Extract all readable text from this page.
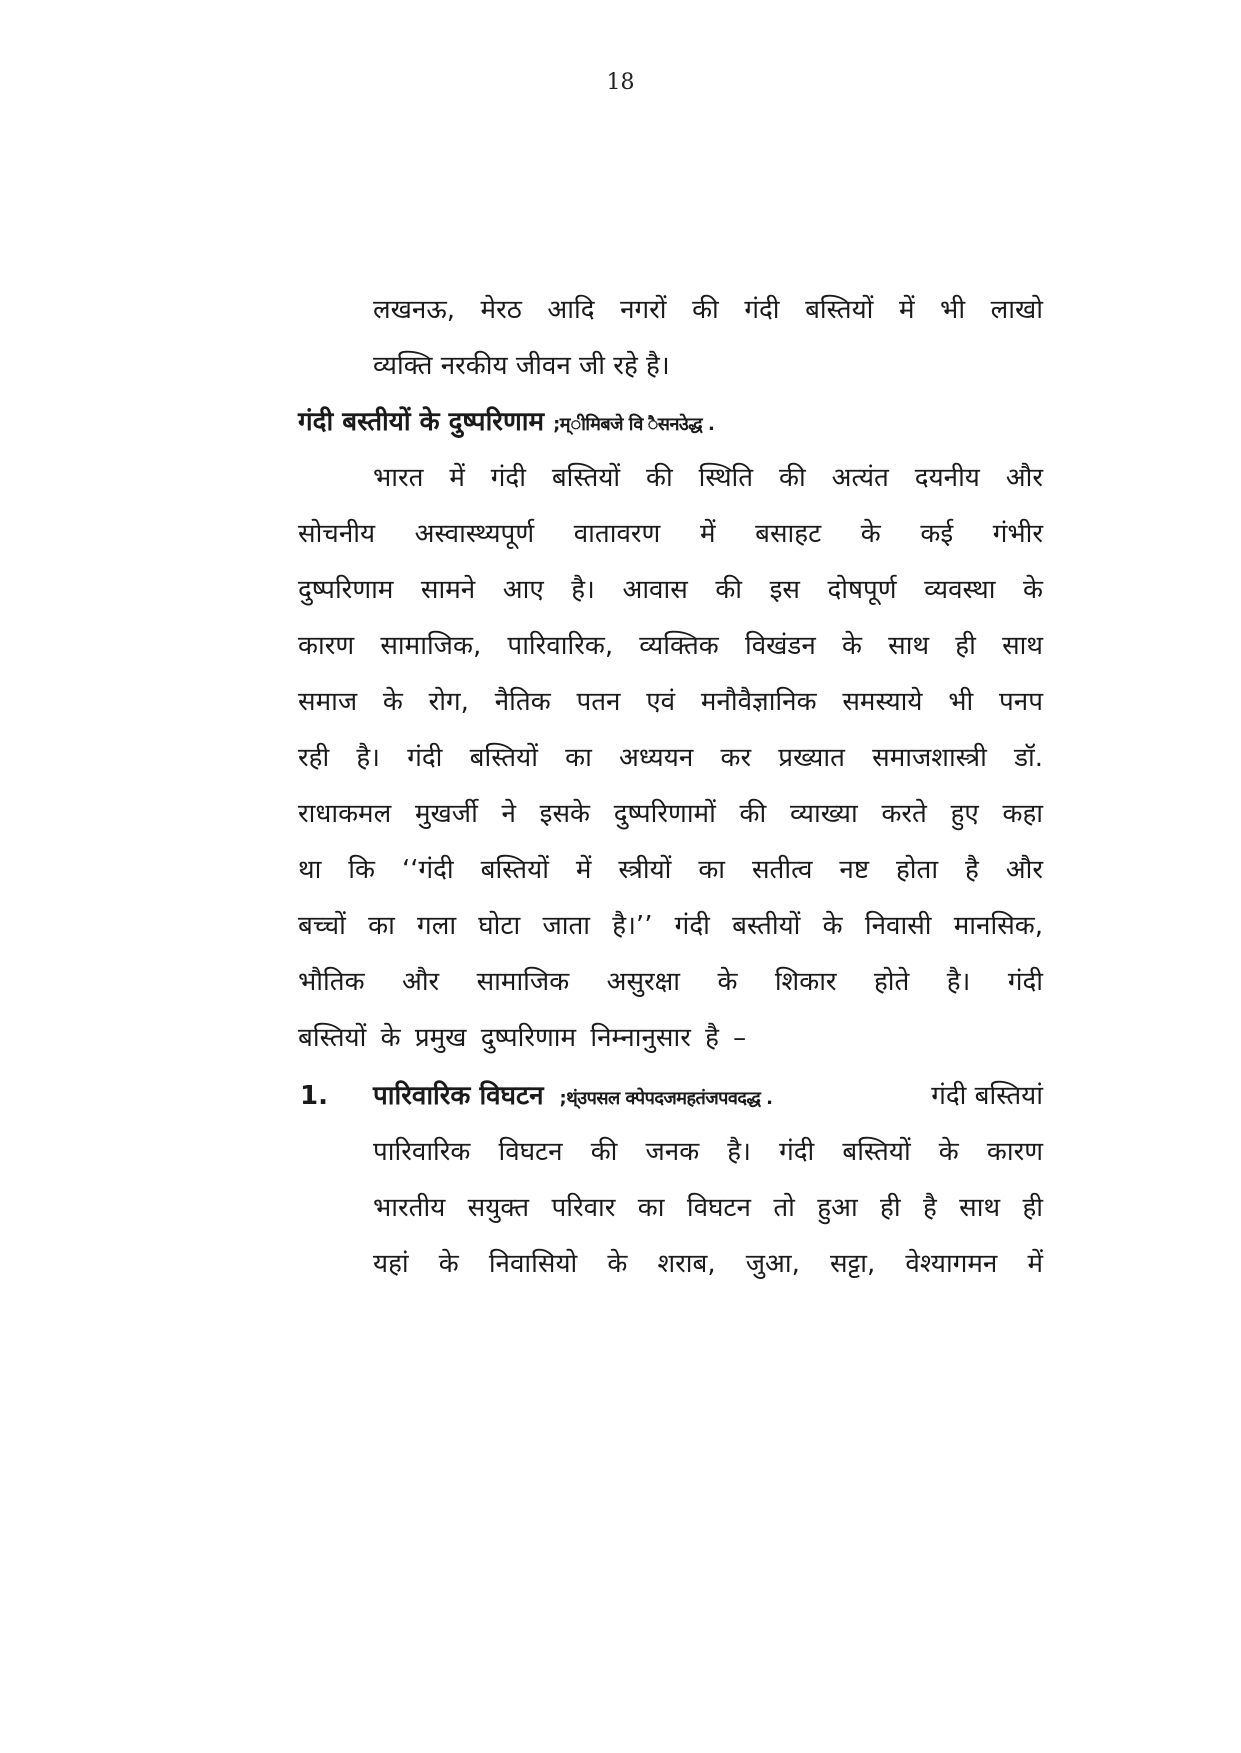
18
लखनऊ, मेरठ आदि नगरों की गंदी बस्तियों में भी लाखो
व्यक्ति नरकीय जीवन जी रहे है।
गंदी बस्तीयों के दुष्परिणाम ;म्ीमिबजे वि ैसनउेद्ध .
भारत में गंदी बस्तियों की स्थिति की अत्यंत दयनीय और
सोचनीय अस्वास्थ्यपूर्ण वातावरण में बसाहट के कई गंभीर
दुष्परिणाम सामने आए है। आवास की इस दोषपूर्ण व्यवस्था के
कारण सामाजिक, पारिवारिक, व्यक्तिक विखंडन के साथ ही साथ
समाज के रोग, नैतिक पतन एवं मनौवैज्ञानिक समस्याये भी पनप
रही है। गंदी बस्तियों का अध्ययन कर प्रख्यात समाजशास्त्री डॉ.
राधाकमल मुखर्जी ने इसके दुष्परिणामों की व्याख्या करते हुए कहा
था कि ‘‘गंदी बस्तियों में स्त्रीयों का सतीत्व नष्ट होता है और
बच्चों का गला घोटा जाता है।’’ गंदी बस्तीयों के निवासी मानसिक,
भौतिक और सामाजिक असुरक्षा के शिकार होते है। गंदी
बस्तियों के प्रमुख दुष्परिणाम निम्नानुसार है –
1. पारिवारिक विघटन ;थ्ंउपसल क्पेपदजमहतंजपवदद्ध .	गंदी बस्तियां
पारिवारिक विघटन की जनक है। गंदी बस्तियों के कारण
भारतीय सयुक्त परिवार का विघटन तो हुआ ही है साथ ही
यहां के निवासियो के शराब, जुआ, सट्टा, वेश्यागमन में
